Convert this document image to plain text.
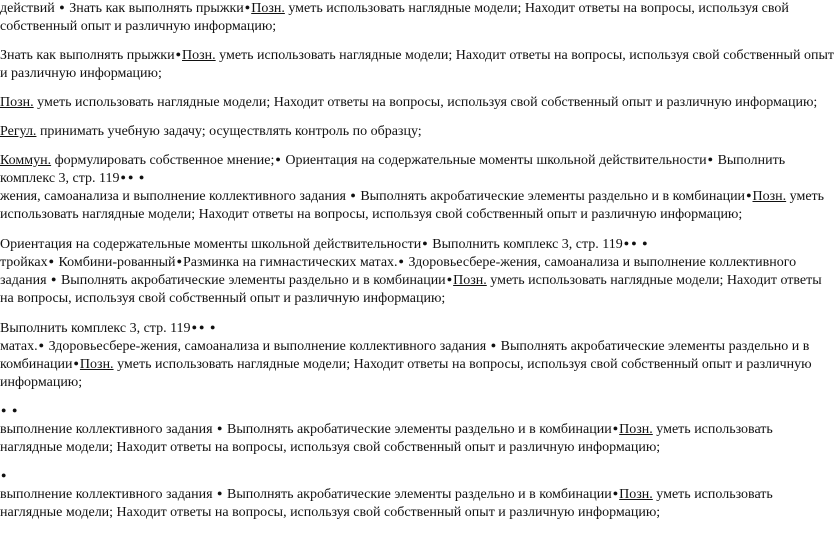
действий ● Знать как выполнять прыжки●Позн. уметь использовать наглядные модели; Находит ответы на вопросы, используя свой
собственный опыт и различную информацию;
Знать как выполнять прыжки●Позн. уметь использовать наглядные модели; Находит ответы на вопросы, используя свой собственный опыт
и различную информацию;
Позн. уметь использовать наглядные модели; Находит ответы на вопросы, используя свой собственный опыт и различную информацию;
Регул. принимать учебную задачу; осуществлять контроль по образцу;
Коммун. формулировать собственное мнение;● Ориентация на содержательные моменты школьной действительности● Выполнить
комплекс 3, стр. 119● ● ●
жения, самоанализа и выполнение коллективного задания ● Выполнять акробатические элементы раздельно и в комбинации●Позн. уметь
использовать наглядные модели; Находит ответы на вопросы, используя свой собственный опыт и различную информацию;
Ориентация на содержательные моменты школьной действительности● Выполнить комплекс 3, стр. 119● ● ●
тройках● Комбини-рованный●Разминка на гимнастических матах.● Здоровьесбере-жения, самоанализа и выполнение коллективного
задания ● Выполнять акробатические элементы раздельно и в комбинации●Позн. уметь использовать наглядные модели; Находит ответы
на вопросы, используя свой собственный опыт и различную информацию;
Выполнить комплекс 3, стр. 119● ● ●
матах.● Здоровьесбере-жения, самоанализа и выполнение коллективного задания ● Выполнять акробатические элементы раздельно и в
комбинации●Позн. уметь использовать наглядные модели; Находит ответы на вопросы, используя свой собственный опыт и различную
информацию;
● ●
выполнение коллективного задания ● Выполнять акробатические элементы раздельно и в комбинации●Позн. уметь использовать
наглядные модели; Находит ответы на вопросы, используя свой собственный опыт и различную информацию;
●
выполнение коллективного задания ● Выполнять акробатические элементы раздельно и в комбинации●Позн. уметь использовать
наглядные модели; Находит ответы на вопросы, используя свой собственный опыт и различную информацию;
